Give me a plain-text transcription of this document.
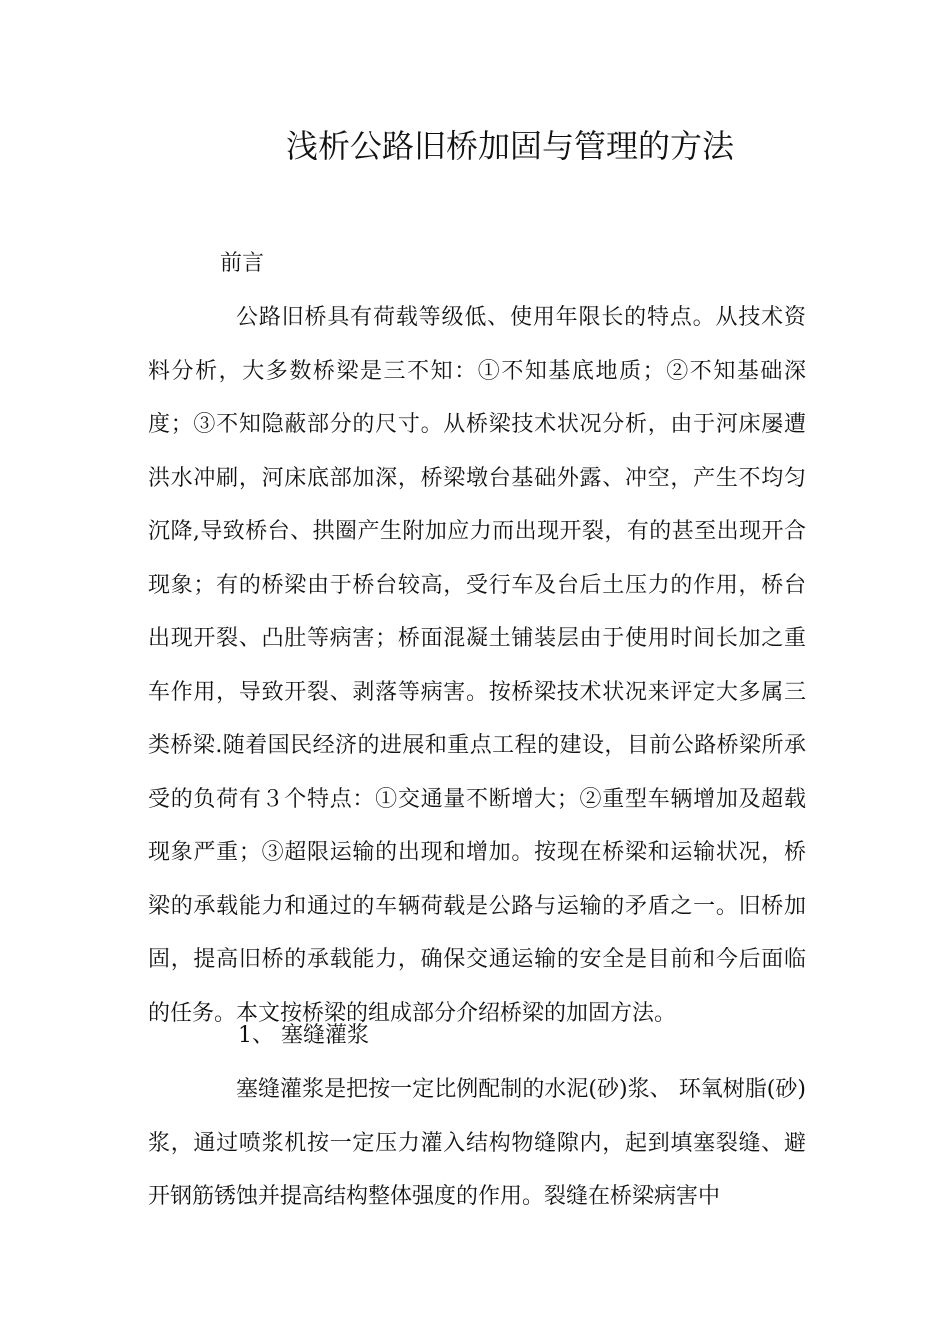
浅析公路旧桥加固与管理的方法
前言

公路旧桥具有荷载等级低、使用年限长的特点。从技术资料分析，大多数桥梁是三不知：①不知基底地质；②不知基础深度；③不知隐蔽部分的尺寸。从桥梁技术状况分析，由于河床屡遭洪水冲刷，河床底部加深，桥梁墩台基础外露、冲空，产生不均匀沉降,导致桥台、拱圈产生附加应力而出现开裂，有的甚至出现开合现象；有的桥梁由于桥台较高，受行车及台后土压力的作用，桥台出现开裂、凸肚等病害；桥面混凝土铺装层由于使用时间长加之重车作用，导致开裂、剥落等病害。按桥梁技术状况来评定大多属三类桥梁.随着国民经济的进展和重点工程的建设，目前公路桥梁所承受的负荷有３个特点：①交通量不断增大；②重型车辆增加及超载现象严重；③超限运输的出现和增加。按现在桥梁和运输状况，桥梁的承载能力和通过的车辆荷载是公路与运输的矛盾之一。旧桥加固，提高旧桥的承载能力，确保交通运输的安全是目前和今后面临的任务。本文按桥梁的组成部分介绍桥梁的加固方法。

1、 塞缝灌浆

塞缝灌浆是把按一定比例配制的水泥(砂)浆、 环氧树脂(砂)浆，通过喷浆机按一定压力灌入结构物缝隙内，起到填塞裂缝、避开钢筋锈蚀并提高结构整体强度的作用。裂缝在桥梁病害中
